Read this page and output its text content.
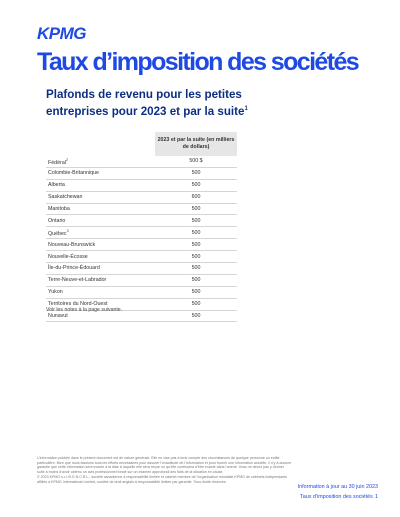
KPMG
Taux d’imposition des sociétés
Plafonds de revenu pour les petites entreprises pour 2023 et par la suite$^1$
	2023 et par la suite (en milliers de dollars)
Fédéral$^2$	500 $
Colombie-Britannique	500
Alberta	500
Saskatchewan	600
Manitoba	500
Ontario	500
Québec$^3$	500
Nouveau-Brunswick	500
Nouvelle-Écosse	500
Île-du-Prince-Édouard	500
Terre-Neuve-et-Labrador	500
Yukon	500
Territoires du Nord-Ouest	500
Nunavut	500
Voir les notes à la page suivante.
L’information publiée dans le présent document est de nature générale. Elle ne vise pas à tenir compte des circonstances de quelque personne ou entité particulière. Bien que nous fassions tous les efforts nécessaires pour assurer l’exactitude de l’information et pour fournir une information actuelle, il n’y a aucune garantie que cette information sera exacte à la date à laquelle elle sera reçue ou qu’elle continuera d’être exacte dans l’avenir. Vous ne devez pas y donner suite à moins d’avoir obtenu un avis professionnel fondé sur un examen approfondi des faits de la situation en cause.
© 2023 KPMG s.r.l./S.E.N.C.R.L., société canadienne à responsabilité limitée et cabinet membre de l’organisation mondiale KPMG de cabinets indépendants affiliés à KPMG International Limited, société de droit anglais à responsabilité limitée par garantie. Tous droits réservés.
Information à jour au 30 juin 2023
Taux d’imposition des sociétés 1
